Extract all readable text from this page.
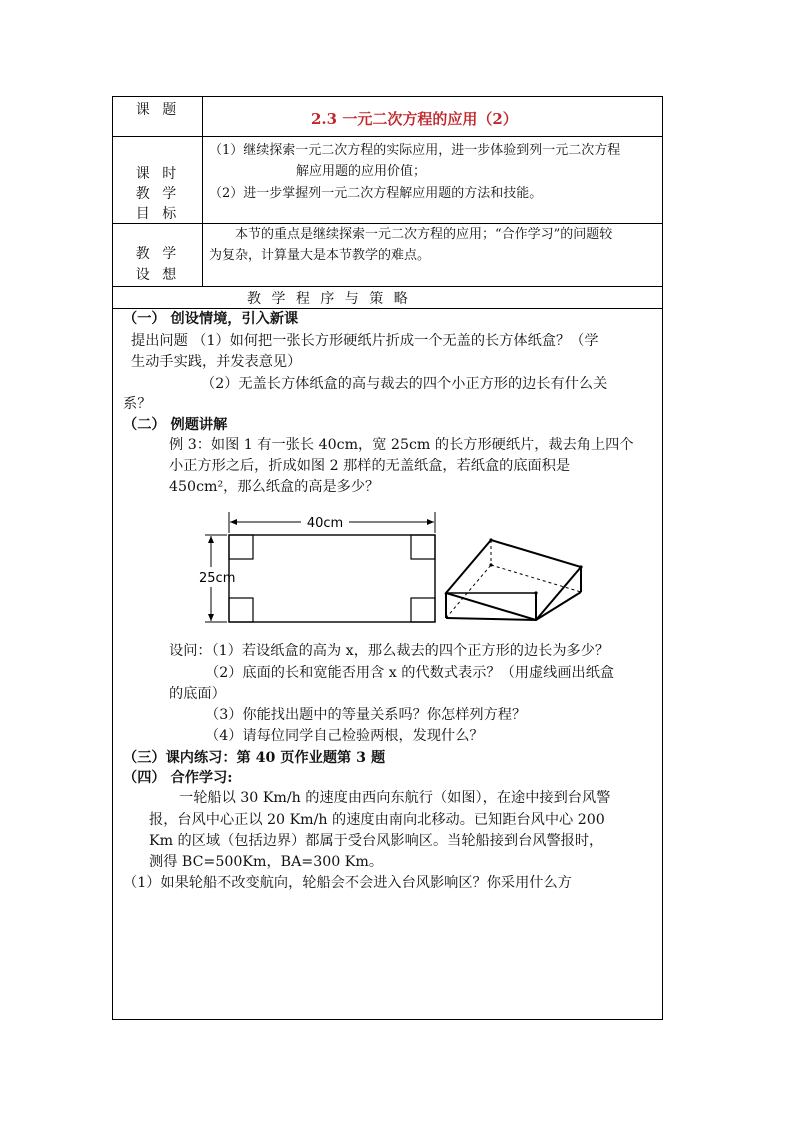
课 题	2.3 一元二次方程的应用（2）
课 时
教 学
目 标
（1）继续探索一元二次方程的实际应用，进一步体验到列一元二次方程
解应用题的应用价值；
（2）进一步掌握列一元二次方程解应用题的方法和技能。
教 学
设 想
本节的重点是继续探索一元二次方程的应用；“合作学习”的问题较
为复杂，计算量大是本节教学的难点。
教 学 程 序 与 策 略
（一） 创设情境，引入新课
提出问题 （1）如何把一张长方形硬纸片折成一个无盖的长方体纸盒？（学
生动手实践，并发表意见）
（2）无盖长方体纸盒的高与裁去的四个小正方形的边长有什么关
系？
（二） 例题讲解
例 3：如图 1 有一张长 40cm，宽 25cm 的长方形硬纸片，裁去角上四个
小正方形之后，折成如图 2 那样的无盖纸盒，若纸盒的底面积是
450cm²，那么纸盒的高是多少？
40cm
25cm
设问：（1）若设纸盒的高为 x，那么裁去的四个正方形的边长为多少？
（2）底面的长和宽能否用含 x 的代数式表示？（用虚线画出纸盒
的底面）
（3）你能找出题中的等量关系吗？你怎样列方程？
（4）请每位同学自己检验两根，发现什么？
（三）课内练习：第 40 页作业题第 3 题
（四） 合作学习:
一轮船以 30 Km/h 的速度由西向东航行（如图），在途中接到台风警
报，台风中心正以 20 Km/h 的速度由南向北移动。已知距台风中心 200
Km 的区域（包括边界）都属于受台风影响区。当轮船接到台风警报时，
测得 BC=500Km，BA=300 Km。
（1）如果轮船不改变航向，轮船会不会进入台风影响区？你采用什么方
